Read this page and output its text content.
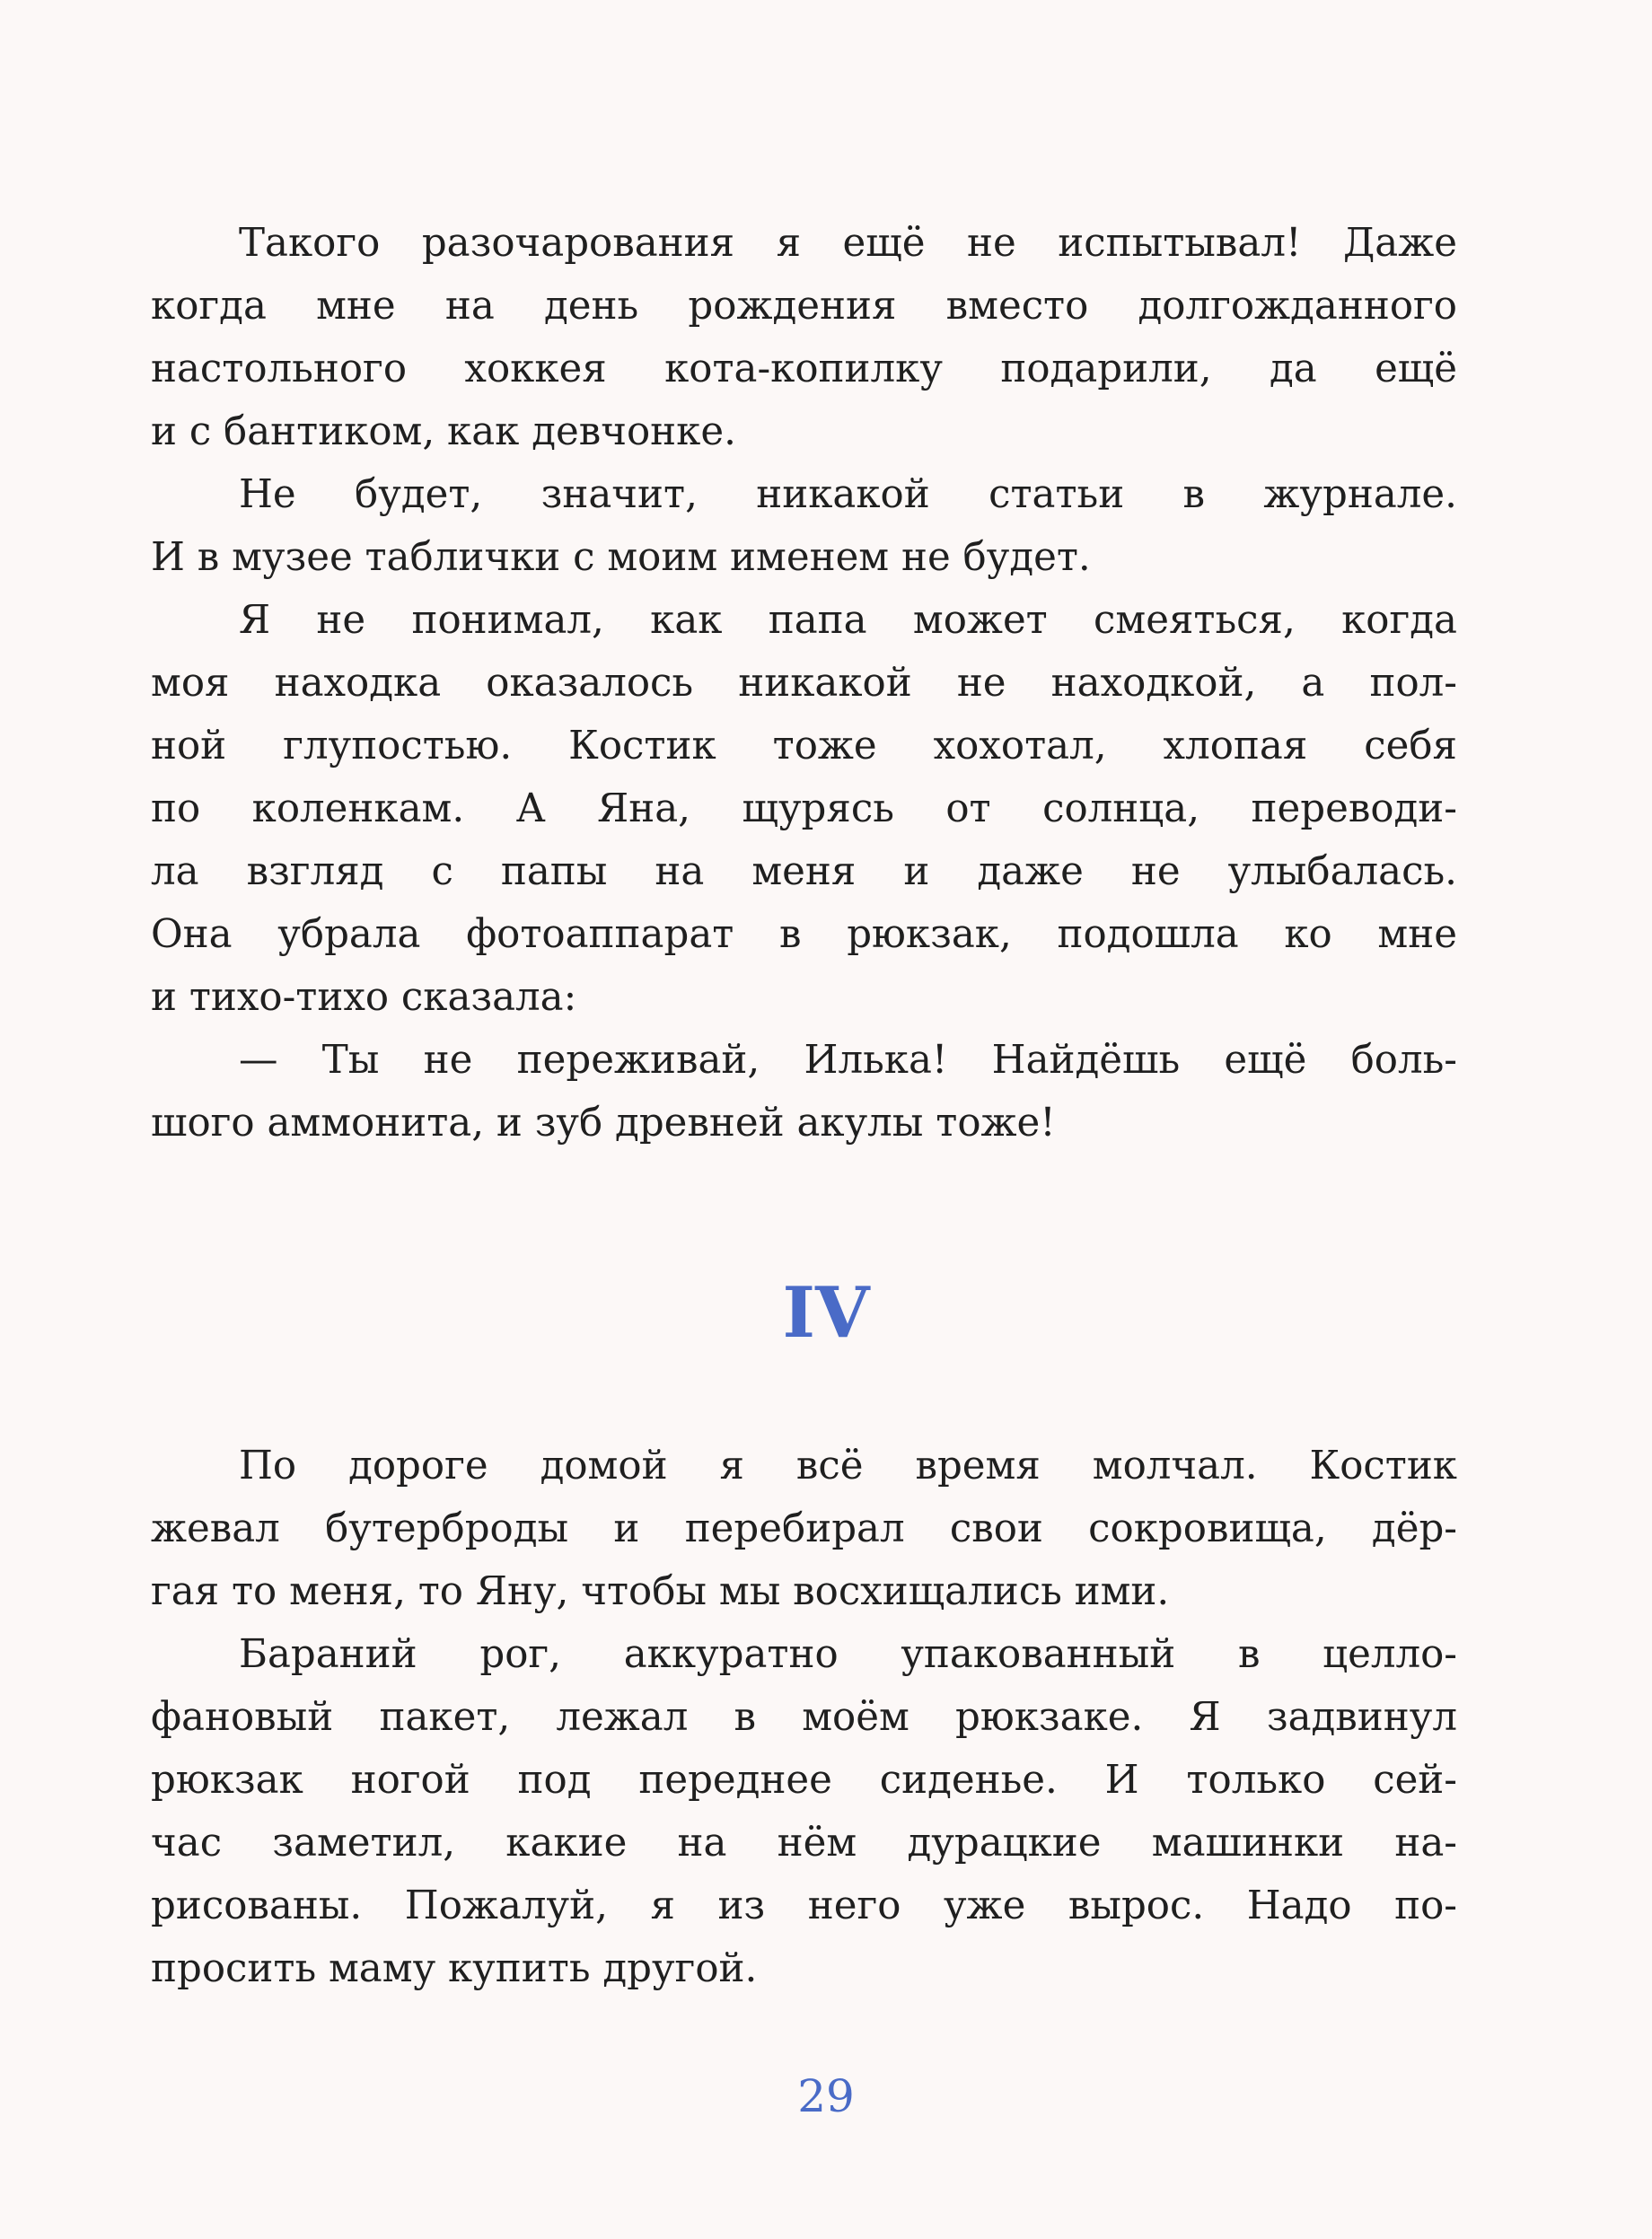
Такого разочарования я ещё не испытывал! Даже
когда мне на день рождения вместо долгожданного
настольного хоккея кота-копилку подарили, да ещё
и с бантиком, как девчонке.
Не будет, значит, никакой статьи в журнале.
И в музее таблички с моим именем не будет.
Я не понимал, как папа может смеяться, когда
моя находка оказалось никакой не находкой, а пол-
ной глупостью. Костик тоже хохотал, хлопая себя
по коленкам. А Яна, щурясь от солнца, переводи-
ла взгляд с папы на меня и даже не улыбалась.
Она убрала фотоаппарат в рюкзак, подошла ко мне
и тихо-тихо сказала:
— Ты не переживай, Илька! Найдёшь ещё боль-
шого аммонита, и зуб древней акулы тоже!
IV
По дороге домой я всё время молчал. Костик
жевал бутерброды и перебирал свои сокровища, дёр-
гая то меня, то Яну, чтобы мы восхищались ими.
Бараний рог, аккуратно упакованный в целло-
фановый пакет, лежал в моём рюкзаке. Я задвинул
рюкзак ногой под переднее сиденье. И только сей-
час заметил, какие на нём дурацкие машинки на-
рисованы. Пожалуй, я из него уже вырос. Надо по-
просить маму купить другой.
29
